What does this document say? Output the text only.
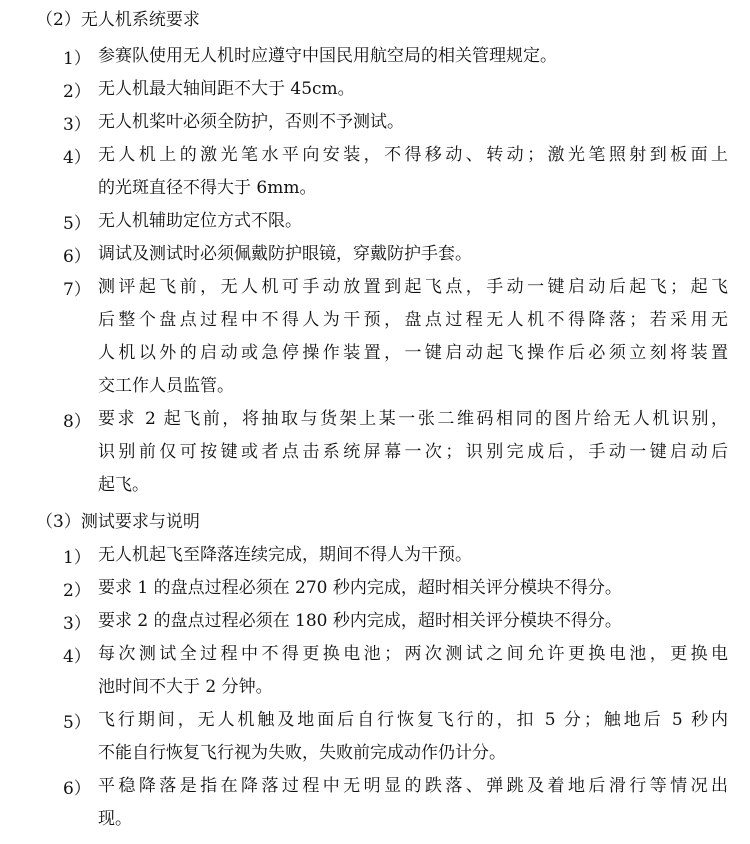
（2）无人机系统要求
1） 参赛队使用无人机时应遵守中国民用航空局的相关管理规定。
2） 无人机最大轴间距不大于 45cm。
3） 无人机桨叶必须全防护，否则不予测试。
4） 无人机上的激光笔水平向安装，不得移动、转动；激光笔照射到板面上
的光斑直径不得大于 6mm。
5） 无人机辅助定位方式不限。
6） 调试及测试时必须佩戴防护眼镜，穿戴防护手套。
7） 测评起飞前，无人机可手动放置到起飞点，手动一键启动后起飞；起飞
后整个盘点过程中不得人为干预，盘点过程无人机不得降落；若采用无
人机以外的启动或急停操作装置，一键启动起飞操作后必须立刻将装置
交工作人员监管。
8） 要求 2 起飞前，将抽取与货架上某一张二维码相同的图片给无人机识别，
识别前仅可按键或者点击系统屏幕一次；识别完成后，手动一键启动后
起飞。
（3）测试要求与说明
1） 无人机起飞至降落连续完成，期间不得人为干预。
2） 要求 1 的盘点过程必须在 270 秒内完成，超时相关评分模块不得分。
3） 要求 2 的盘点过程必须在 180 秒内完成，超时相关评分模块不得分。
4） 每次测试全过程中不得更换电池；两次测试之间允许更换电池，更换电
池时间不大于 2 分钟。
5） 飞行期间，无人机触及地面后自行恢复飞行的，扣 5 分；触地后 5 秒内
不能自行恢复飞行视为失败，失败前完成动作仍计分。
6） 平稳降落是指在降落过程中无明显的跌落、弹跳及着地后滑行等情况出
现。
